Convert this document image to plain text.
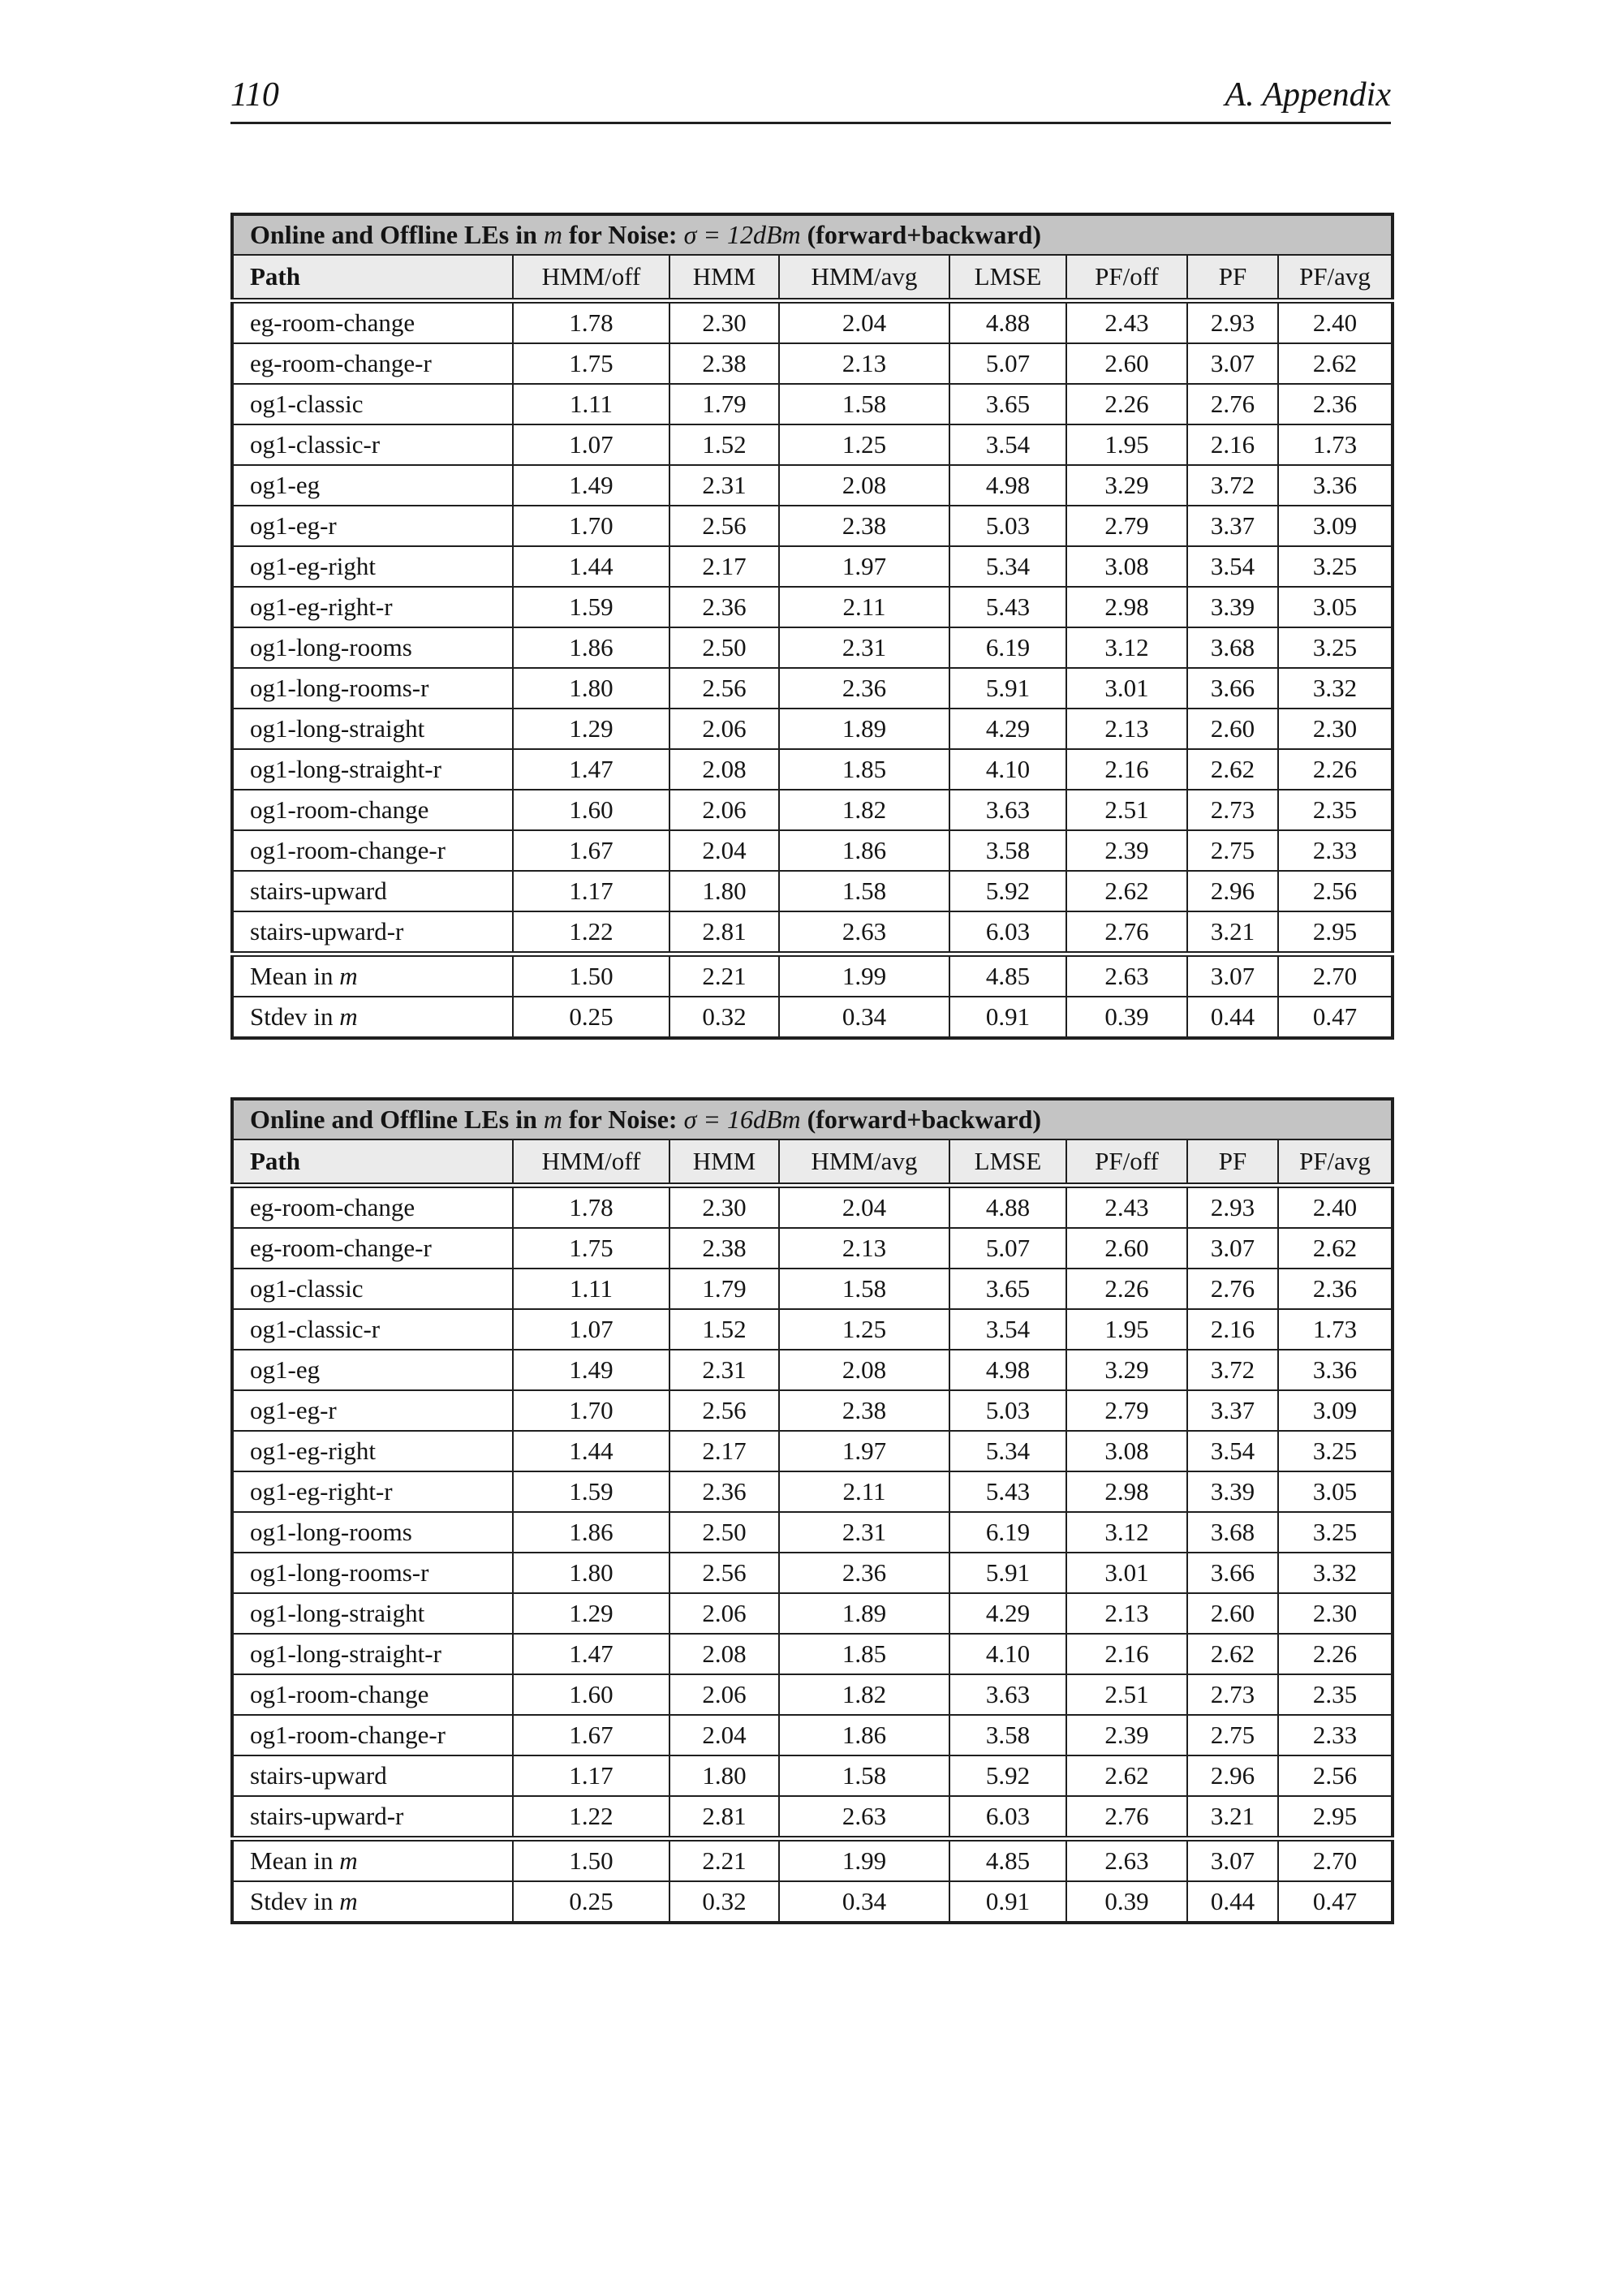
110	A. Appendix
Online and Offline LEs in m for Noise: σ = 12dBm (forward+backward)							
Path	HMM/off	HMM	HMM/avg	LMSE	PF/off	PF	PF/avg
eg-room-change	1.78	2.30	2.04	4.88	2.43	2.93	2.40
eg-room-change-r	1.75	2.38	2.13	5.07	2.60	3.07	2.62
og1-classic	1.11	1.79	1.58	3.65	2.26	2.76	2.36
og1-classic-r	1.07	1.52	1.25	3.54	1.95	2.16	1.73
og1-eg	1.49	2.31	2.08	4.98	3.29	3.72	3.36
og1-eg-r	1.70	2.56	2.38	5.03	2.79	3.37	3.09
og1-eg-right	1.44	2.17	1.97	5.34	3.08	3.54	3.25
og1-eg-right-r	1.59	2.36	2.11	5.43	2.98	3.39	3.05
og1-long-rooms	1.86	2.50	2.31	6.19	3.12	3.68	3.25
og1-long-rooms-r	1.80	2.56	2.36	5.91	3.01	3.66	3.32
og1-long-straight	1.29	2.06	1.89	4.29	2.13	2.60	2.30
og1-long-straight-r	1.47	2.08	1.85	4.10	2.16	2.62	2.26
og1-room-change	1.60	2.06	1.82	3.63	2.51	2.73	2.35
og1-room-change-r	1.67	2.04	1.86	3.58	2.39	2.75	2.33
stairs-upward	1.17	1.80	1.58	5.92	2.62	2.96	2.56
stairs-upward-r	1.22	2.81	2.63	6.03	2.76	3.21	2.95
Mean in m	1.50	2.21	1.99	4.85	2.63	3.07	2.70
Stdev in m	0.25	0.32	0.34	0.91	0.39	0.44	0.47
Online and Offline LEs in m for Noise: σ = 16dBm (forward+backward)							
Path	HMM/off	HMM	HMM/avg	LMSE	PF/off	PF	PF/avg
eg-room-change	1.78	2.30	2.04	4.88	2.43	2.93	2.40
eg-room-change-r	1.75	2.38	2.13	5.07	2.60	3.07	2.62
og1-classic	1.11	1.79	1.58	3.65	2.26	2.76	2.36
og1-classic-r	1.07	1.52	1.25	3.54	1.95	2.16	1.73
og1-eg	1.49	2.31	2.08	4.98	3.29	3.72	3.36
og1-eg-r	1.70	2.56	2.38	5.03	2.79	3.37	3.09
og1-eg-right	1.44	2.17	1.97	5.34	3.08	3.54	3.25
og1-eg-right-r	1.59	2.36	2.11	5.43	2.98	3.39	3.05
og1-long-rooms	1.86	2.50	2.31	6.19	3.12	3.68	3.25
og1-long-rooms-r	1.80	2.56	2.36	5.91	3.01	3.66	3.32
og1-long-straight	1.29	2.06	1.89	4.29	2.13	2.60	2.30
og1-long-straight-r	1.47	2.08	1.85	4.10	2.16	2.62	2.26
og1-room-change	1.60	2.06	1.82	3.63	2.51	2.73	2.35
og1-room-change-r	1.67	2.04	1.86	3.58	2.39	2.75	2.33
stairs-upward	1.17	1.80	1.58	5.92	2.62	2.96	2.56
stairs-upward-r	1.22	2.81	2.63	6.03	2.76	3.21	2.95
Mean in m	1.50	2.21	1.99	4.85	2.63	3.07	2.70
Stdev in m	0.25	0.32	0.34	0.91	0.39	0.44	0.47
